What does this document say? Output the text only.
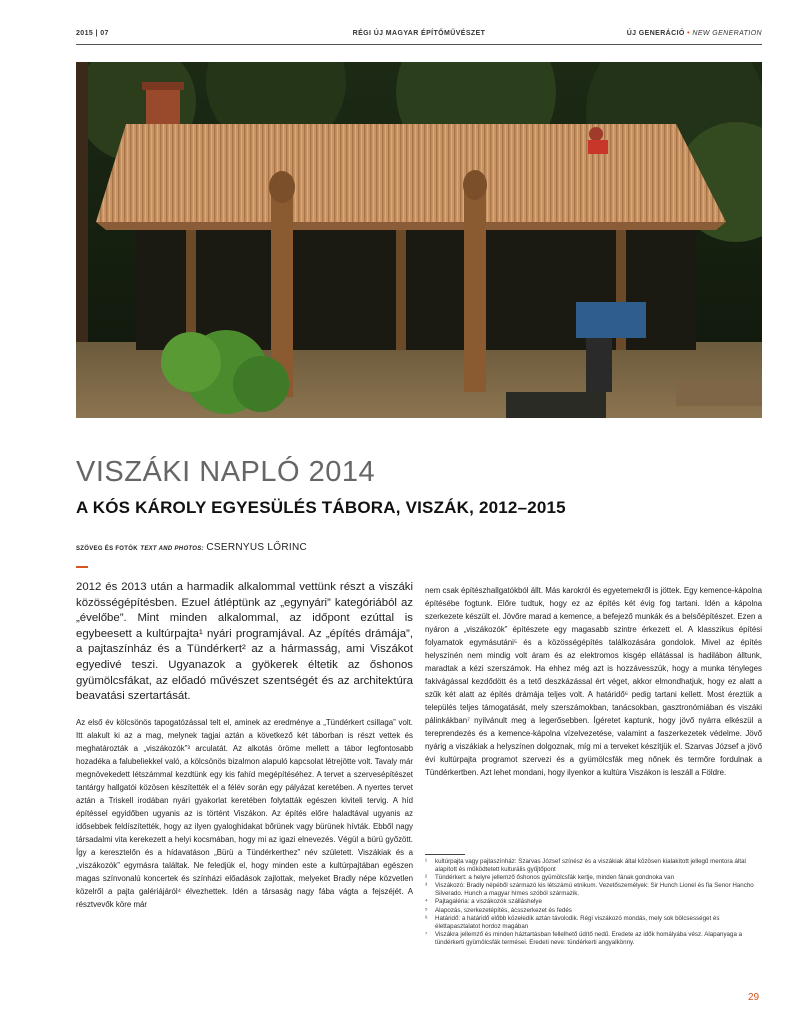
2015 | 07	RÉGI ÚJ MAGYAR ÉPÍTŐMŰVÉSZET	ÚJ GENERÁCIÓ • NEW GENERATION
VISZÁKI NAPLÓ 2014
A KÓS KÁROLY EGYESÜLÉS TÁBORA, VISZÁK, 2012–2015
SZÖVEG ÉS FOTÓK TEXT AND PHOTOS: CSERNYUS LŐRINC

2012 és 2013 után a harmadik alkalommal vettünk részt a viszáki közösségépítésben. Ezuel átléptünk az „egynyári” kategóriából az „évelőbe”. Mint minden alkalommal, az időpont ezúttal is egybeesett a kultúrpajta¹ nyári programjával. Az „építés drámája”, a pajtaszínház és a Tündérkert² az a hármasság, ami Viszákot egyedivé teszi. Ugyanazok a gyökerek éltetik az őshonos gyümölcsfákat, az előadó művészet szentségét és az architektúra beavatási szertartását.

Az első év kölcsönös tapogatózással telt el, aminek az eredménye a „Tündérkert csillaga” volt. Itt alakult ki az a mag, melynek tagjai aztán a következő két táborban is részt vettek és meghatározták a „viszákozók”³ arculatát. Az alkotás öröme mellett a tábor legfontosabb hozadéka a falubeliekkel való, a kölcsönös bizalmon alapuló kapcsolat létrejötte volt. Tavaly már megnövekedett létszámmal kezdtünk egy kis fahíd megépítéséhez. A tervet a szervesépítészet tantárgy hallgatói közösen készítették el a félév során egy pályázat keretében. A nyertes tervet aztán a Triskell irodában nyári gyakorlat keretében folytatták egészen kiviteli tervig. A híd építéssel egyidőben ugyanis az is történt Viszákon. Az építés előre haladtával ugyanis az idősebbek feldíszítették, hogy az ilyen gyaloghidakat bőrünek vagy bürünek hívták. Ebből nagy társadalmi vita kerekezett a helyi kocsmában, hogy mi az igazi elnevezés. Végül a bürü győzött. Így a keresztelőn és a hídavatáson „Bürü a Tündérkerthez” név született. Viszákiak és a „viszákozók” egymásra találtak. Ne feledjük el, hogy minden este a kultúrpajtában egészen magas színvonalú koncertek és színházi előadások zajlottak, melyeket Bradly népe közvetlen közelről a pajta galériájáról⁴ élvezhettek. Idén a társaság nagy fába vágta a fejszéjét. A résztvevők köre már

nem csak építészhallgatókból állt. Más karokról és egyetemekről is jöttek. Egy kemence-kápolna építésébe fogtunk. Előre tudtuk, hogy ez az építés két évig fog tartani. Idén a kápolna szerkezete készült el. Jövőre marad a kemence, a befejező munkák és a belsőépítészet. Ezen a nyáron a „viszákozók” építészete egy magasabb szintre érkezett el. A klasszikus építési folyamatok egymásutáni⁵ és a közösségépítés találkozására gondolok. Mivel az építés helyszínén nem mindig volt áram és az elektromos kisgép ellátással is hadilábon álltunk, maradtak a kézi szerszámok. Ha ehhez még azt is hozzávesszük, hogy a munka tényleges fakivágással kezdődött és a tető deszkázással ért véget, akkor elmondhatjuk, hogy ez alatt a szűk két alatt az építés drámája teljes volt. A határidő⁶ pedig tartani kellett. Most éreztük a település teljes támogatását, mely szerszámokban, tanácsokban, gasztronómiában és viszáki pálinkákban⁷ nyilvánult meg a legerősebben. Ígéretet kaptunk, hogy jövő nyárra elkészül a tereprendezés és a kemence-kápolna vízelvezetése, valamint a faszerkezetek védelme. Jövő nyárig a viszákiak a helyszínen dolgoznak, míg mi a terveket készítjük el. Szarvas József a jövő évi kultúrpajta programot szervezi és a gyümölcsfák meg nőnek és termőre fordulnak a Tündérkertben. Azt lehet mondani, hogy ilyenkor a kultúra Viszákon is leszáll a Földre.

¹ kultúrpajta vagy pajtaszínház: Szarvas József színész és a viszákiak által közösen kialakított jellegű mentora által alapított és működtetett kulturális gyűjtőpont
² Tündérkert: a helyre jellemző őshonos gyümölcsfák kertje, minden fának gondnoka van
³ Viszákozó: Bradly népéből származó kis létszámú etnikum. Vezetőszemélyek: Sir Hunch Lionel és fia Senor Hancho Silverado. Hunch a magyar hímes szóból származik.
⁴ Pajtagaléria: a viszákozók szálláshelye
⁵ Alapozás, szerkezetépítés, ácsszerkezet és fedés
⁶ Határidő: a határidő előbb közeledik aztán távolodik. Régi viszákozó mondás, mely sok bölcsességet és élettapasztalatot hordoz magában
⁷ Viszákra jellemző és minden háztartásban fellelhető üdítő nedű. Eredete az idők homályába vész. Alapanyaga a tündérkerti gyümölcsfák termései. Eredeti neve: tündérkerti angyalkönny.
29
